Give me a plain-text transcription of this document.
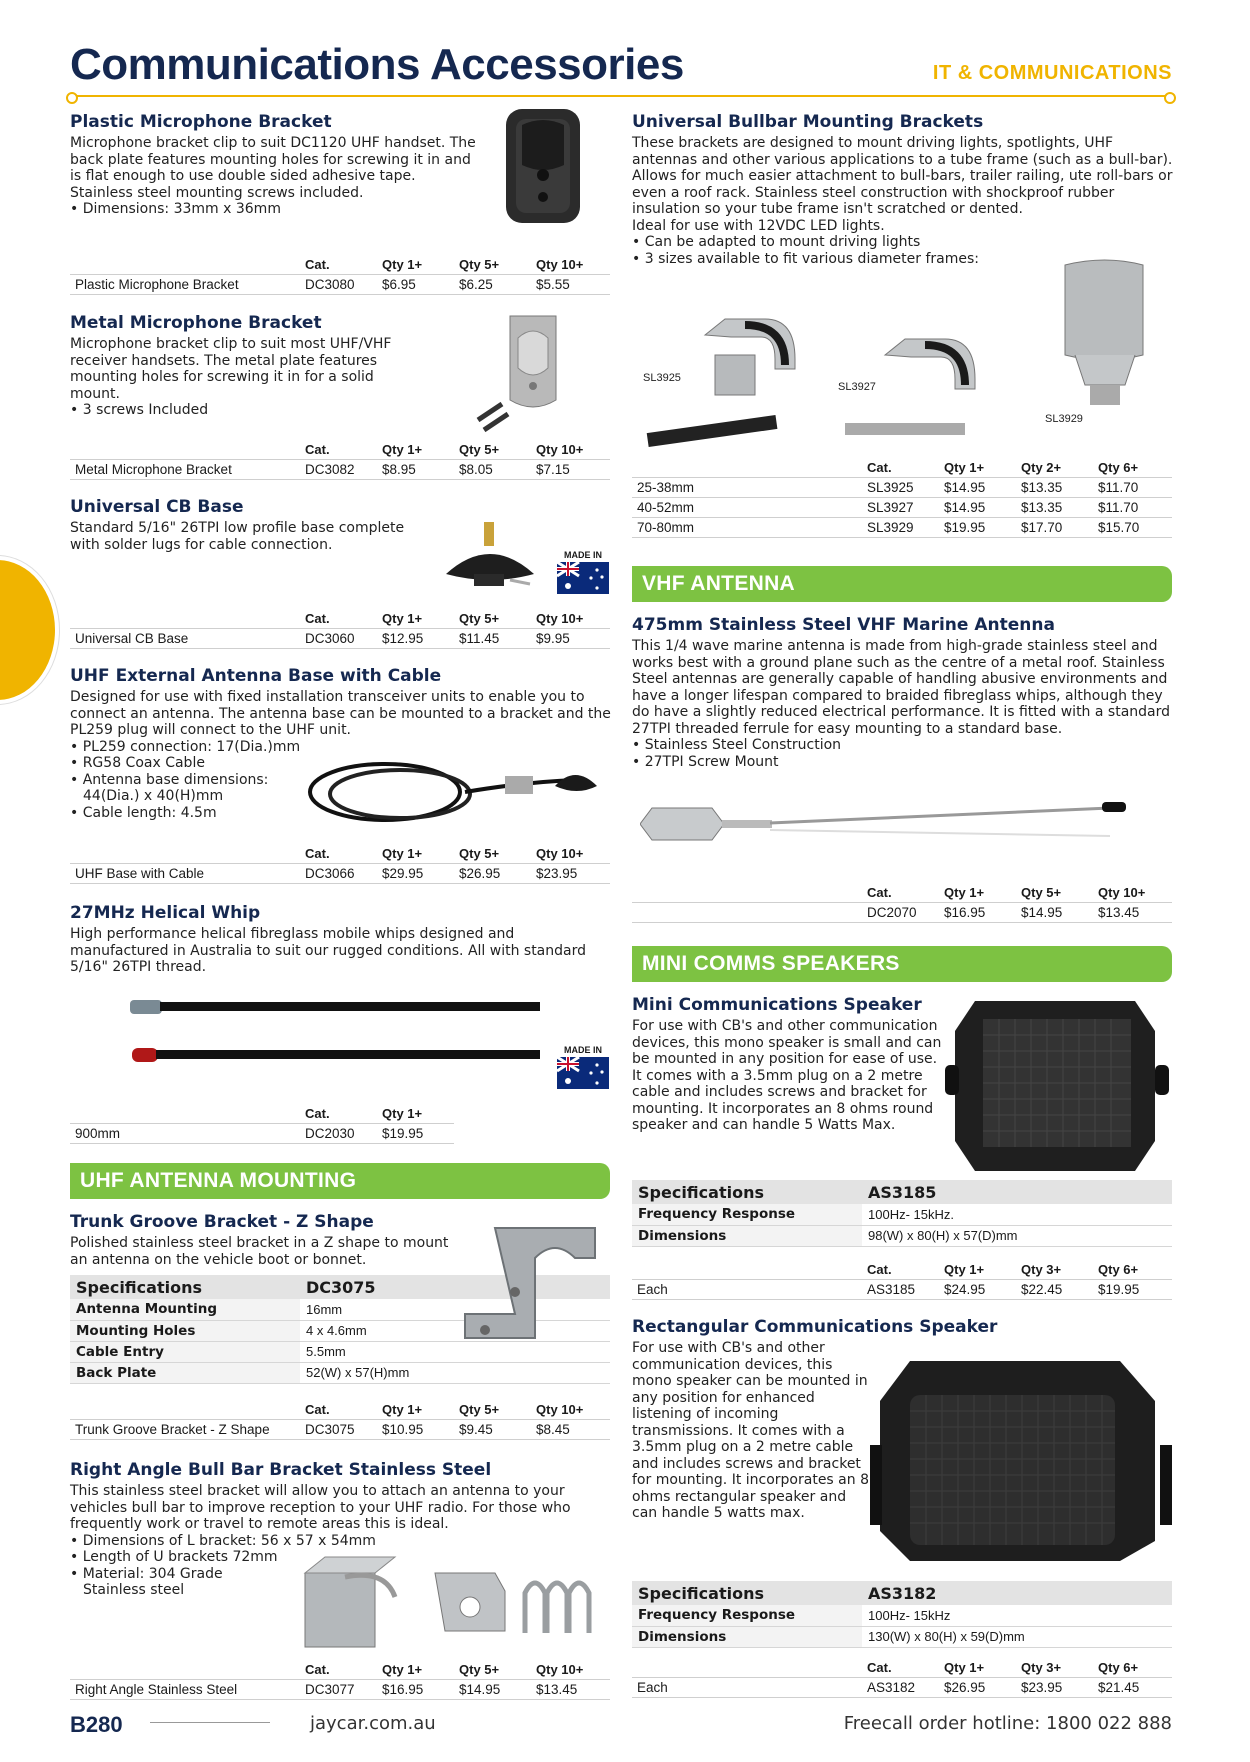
Communications Accessories	IT & COMMUNICATIONS
Plastic Microphone Bracket
Microphone bracket clip to suit DC1120 UHF handset. The back plate features mounting holes for screwing it in and is flat enough to use double sided adhesive tape. Stainless steel mounting screws included.
• Dimensions: 33mm x 36mm
	Cat.	Qty 1+	Qty 5+	Qty 10+
Plastic Microphone Bracket	DC3080	$6.95	$6.25	$5.55
Metal Microphone Bracket
Microphone bracket clip to suit most UHF/VHF receiver handsets. The metal plate features mounting holes for screwing it in for a solid mount.
• 3 screws Included
	Cat.	Qty 1+	Qty 5+	Qty 10+
Metal Microphone Bracket	DC3082	$8.95	$8.05	$7.15
Universal CB Base
Standard 5/16" 26TPI low profile base complete with solder lugs for cable connection.
MADE IN
	Cat.	Qty 1+	Qty 5+	Qty 10+
Universal CB Base	DC3060	$12.95	$11.45	$9.95
UHF External Antenna Base with Cable
Designed for use with fixed installation transceiver units to enable you to connect an antenna. The antenna base can be mounted to a bracket and the PL259 plug will connect to the UHF unit.
• PL259 connection: 17(Dia.)mm
• RG58 Coax Cable
• Antenna base dimensions:
44(Dia.) x 40(H)mm
• Cable length: 4.5m
	Cat.	Qty 1+	Qty 5+	Qty 10+
UHF Base with Cable	DC3066	$29.95	$26.95	$23.95
27MHz Helical Whip
High performance helical fibreglass mobile whips designed and manufactured in Australia to suit our rugged conditions. All with standard 5/16" 26TPI thread.
MADE IN
	Cat.	Qty 1+		
900mm	DC2030	$19.95		
UHF ANTENNA MOUNTING
Trunk Groove Bracket - Z Shape
Polished stainless steel bracket in a Z shape to mount an antenna on the vehicle boot or bonnet.
Specifications	DC3075
Antenna Mounting	16mm
Mounting Holes	4 x 4.6mm
Cable Entry	5.5mm
Back Plate	52(W) x 57(H)mm
	Cat.	Qty 1+	Qty 5+	Qty 10+
Trunk Groove Bracket - Z Shape	DC3075	$10.95	$9.45	$8.45
Right Angle Bull Bar Bracket Stainless Steel
This stainless steel bracket will allow you to attach an antenna to your vehicles bull bar to improve reception to your UHF radio. For those who frequently work or travel to remote areas this is ideal.
• Dimensions of L bracket: 56 x 57 x 54mm
• Length of U brackets 72mm
• Material: 304 Grade
Stainless steel
	Cat.	Qty 1+	Qty 5+	Qty 10+
Right Angle Stainless Steel	DC3077	$16.95	$14.95	$13.45
Universal Bullbar Mounting Brackets
These brackets are designed to mount driving lights, spotlights, UHF antennas and other various applications to a tube frame (such as a bull-bar). Allows for much easier attachment to bull-bars, trailer railing, ute roll-bars or even a roof rack. Stainless steel construction with shockproof rubber insulation so your tube frame isn't scratched or dented.
Ideal for use with 12VDC LED lights.
• Can be adapted to mount driving lights
• 3 sizes available to fit various diameter frames:
SL3925
SL3927
SL3929
	Cat.	Qty 1+	Qty 2+	Qty 6+
25-38mm	SL3925	$14.95	$13.35	$11.70
40-52mm	SL3927	$14.95	$13.35	$11.70
70-80mm	SL3929	$19.95	$17.70	$15.70
VHF ANTENNA
475mm Stainless Steel VHF Marine Antenna
This 1/4 wave marine antenna is made from high-grade stainless steel and works best with a ground plane such as the centre of a metal roof. Stainless Steel antennas are generally capable of handling abusive environments and have a longer lifespan compared to braided fibreglass whips, although they do have a slightly reduced electrical performance. It is fitted with a standard 27TPI threaded ferrule for easy mounting to a standard base.
• Stainless Steel Construction
• 27TPI Screw Mount
	Cat.	Qty 1+	Qty 5+	Qty 10+
	DC2070	$16.95	$14.95	$13.45
MINI COMMS SPEAKERS
Mini Communications Speaker
For use with CB's and other communication devices, this mono speaker is small and can be mounted in any position for ease of use. It comes with a 3.5mm plug on a 2 metre cable and includes screws and bracket for mounting. It incorporates an 8 ohms round speaker and can handle 5 Watts Max.
Specifications	AS3185
Frequency Response	100Hz- 15kHz.
Dimensions	98(W) x 80(H) x 57(D)mm
	Cat.	Qty 1+	Qty 3+	Qty 6+
Each	AS3185	$24.95	$22.45	$19.95
Rectangular Communications Speaker
For use with CB's and other communication devices, this mono speaker can be mounted in any position for enhanced listening of incoming transmissions. It comes with a 3.5mm plug on a 2 metre cable and includes screws and bracket for mounting. It incorporates an 8 ohms rectangular speaker and can handle 5 watts max.
Specifications	AS3182
Frequency Response	100Hz- 15kHz
Dimensions	130(W) x 80(H) x 59(D)mm
	Cat.	Qty 1+	Qty 3+	Qty 6+
Each	AS3182	$26.95	$23.95	$21.45
B280	jaycar.com.au	Freecall order hotline: 1800 022 888
